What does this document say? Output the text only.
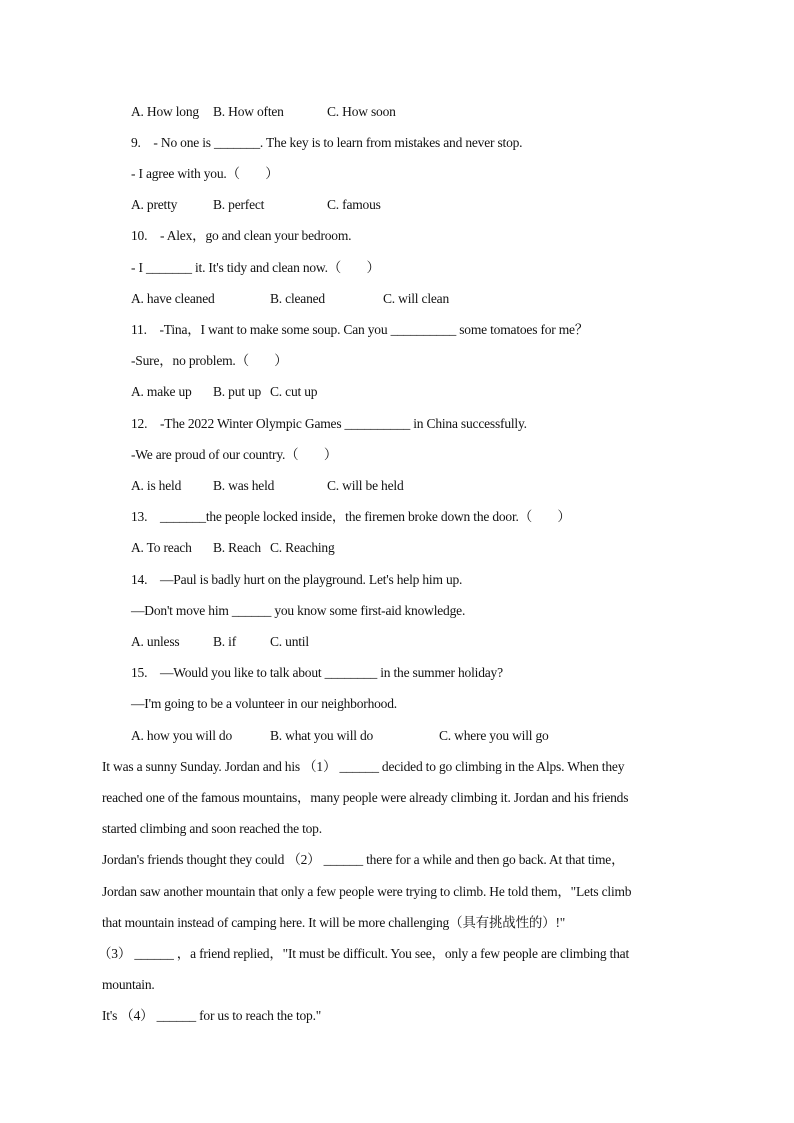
A. How long B. How often	C. How soon
9.    - No one is _______. The key is to learn from mistakes and never stop.
- I agree with you.（        ）
A. pretty	B. perfect	C. famous
10.    - Alex，go and clean your bedroom.
- I _______ it. It's tidy and clean now.（        ）
A. have cleaned	B. cleaned	C. will clean
11.    -Tina，I want to make some soup. Can you __________ some tomatoes for me？
-Sure，no problem.（        ）
A. make up B. put up C. cut up
12.    -The 2022 Winter Olympic Games __________ in China successfully.
-We are proud of our country.（        ）
A. is held B. was held	C. will be held
13.    _______the people locked inside，the firemen broke down the door.（        ）
A. To reach B. Reach C. Reaching
14.    —Paul is badly hurt on the playground. Let's help him up.
—Don't move him ______ you know some first-aid knowledge.
A. unless B. if	C. until
15.    —Would you like to talk about ________ in the summer holiday?
—I'm going to be a volunteer in our neighborhood.
A. how you will do	B. what you will do	C. where you will go
It was a sunny Sunday. Jordan and his （1） ______ decided to go climbing in the Alps. When they
reached one of the famous mountains，many people were already climbing it. Jordan and his friends
started climbing and soon reached the top.
Jordan's friends thought they could （2） ______ there for a while and then go back. At that time，
Jordan saw another mountain that only a few people were trying to climb. He told them，"Lets climb
that mountain instead of camping here. It will be more challenging（具有挑战性的）!"
（3） ______ ，a friend replied，"It must be difficult. You see，only a few people are climbing that
mountain.
It's （4） ______ for us to reach the top."
